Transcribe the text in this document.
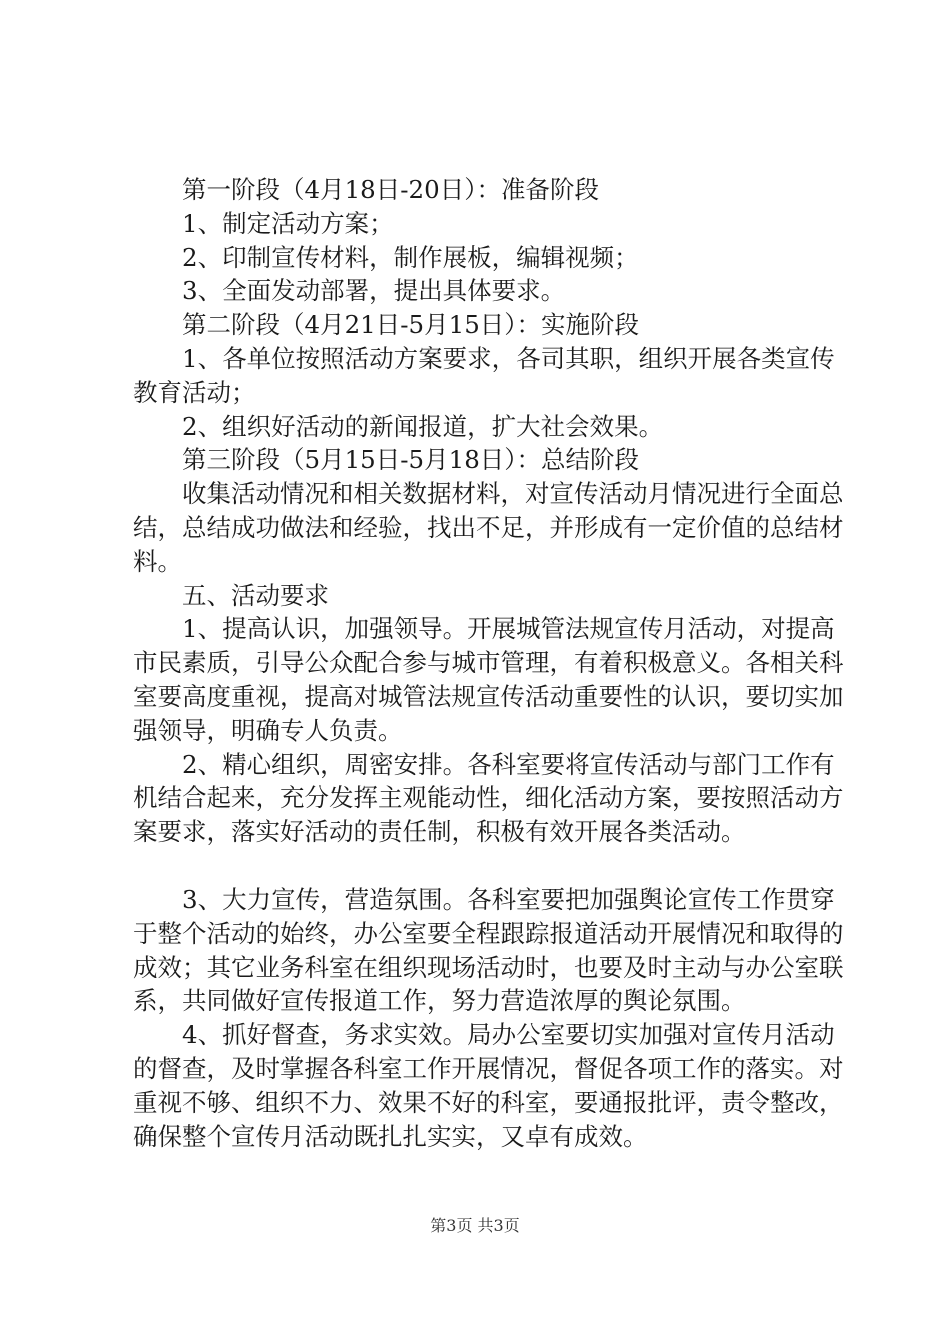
第一阶段（4月18日-20日）：准备阶段

1、制定活动方案；

2、印制宣传材料，制作展板，编辑视频；

3、全面发动部署，提出具体要求。

第二阶段（4月21日-5月15日）：实施阶段

1、各单位按照活动方案要求，各司其职，组织开展各类宣传教育活动；

2、组织好活动的新闻报道，扩大社会效果。

第三阶段（5月15日-5月18日）：总结阶段

收集活动情况和相关数据材料，对宣传活动月情况进行全面总结，总结成功做法和经验，找出不足，并形成有一定价值的总结材料。

五、活动要求

1、提高认识，加强领导。开展城管法规宣传月活动，对提高市民素质，引导公众配合参与城市管理，有着积极意义。各相关科室要高度重视，提高对城管法规宣传活动重要性的认识，要切实加强领导，明确专人负责。

2、精心组织，周密安排。各科室要将宣传活动与部门工作有机结合起来，充分发挥主观能动性，细化活动方案，要按照活动方案要求，落实好活动的责任制，积极有效开展各类活动。

3、大力宣传，营造氛围。各科室要把加强舆论宣传工作贯穿于整个活动的始终，办公室要全程跟踪报道活动开展情况和取得的成效；其它业务科室在组织现场活动时，也要及时主动与办公室联系，共同做好宣传报道工作，努力营造浓厚的舆论氛围。

4、抓好督查，务求实效。局办公室要切实加强对宣传月活动的督查，及时掌握各科室工作开展情况，督促各项工作的落实。对重视不够、组织不力、效果不好的科室，要通报批评，责令整改，确保整个宣传月活动既扎扎实实，又卓有成效。

第3页 共3页
